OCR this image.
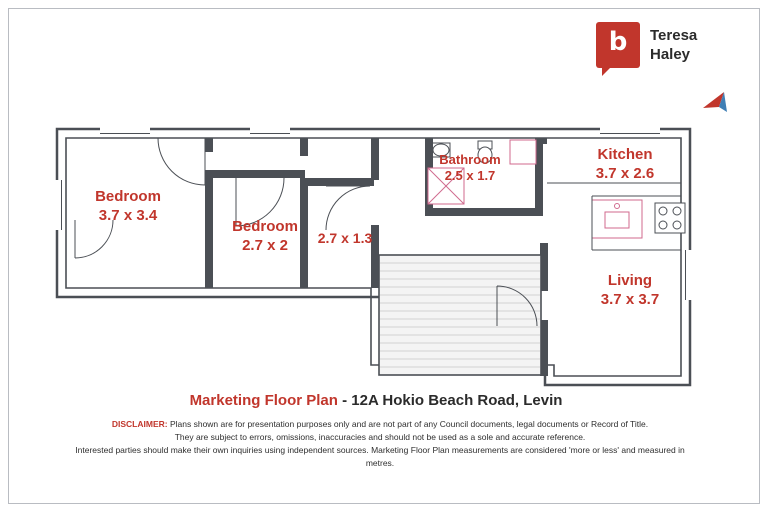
b	Teresa
Haley
Bedroom
3.7 x 3.4
Bedroom
2.7 x 2	2.7 x 1.3
Bathroom
2.5 x 1.7
Kitchen
3.7 x 2.6
Living
3.7 x 3.7
Marketing Floor Plan - 12A Hokio Beach Road, Levin
DISCLAIMER: Plans shown are for presentation purposes only and are not part of any Council documents, legal documents or Record of Title.
They are subject to errors, omissions, inaccuracies and should not be used as a sole and accurate reference.
Interested parties should make their own inquiries using independent sources. Marketing Floor Plan measurements are considered 'more or less' and measured in metres.
